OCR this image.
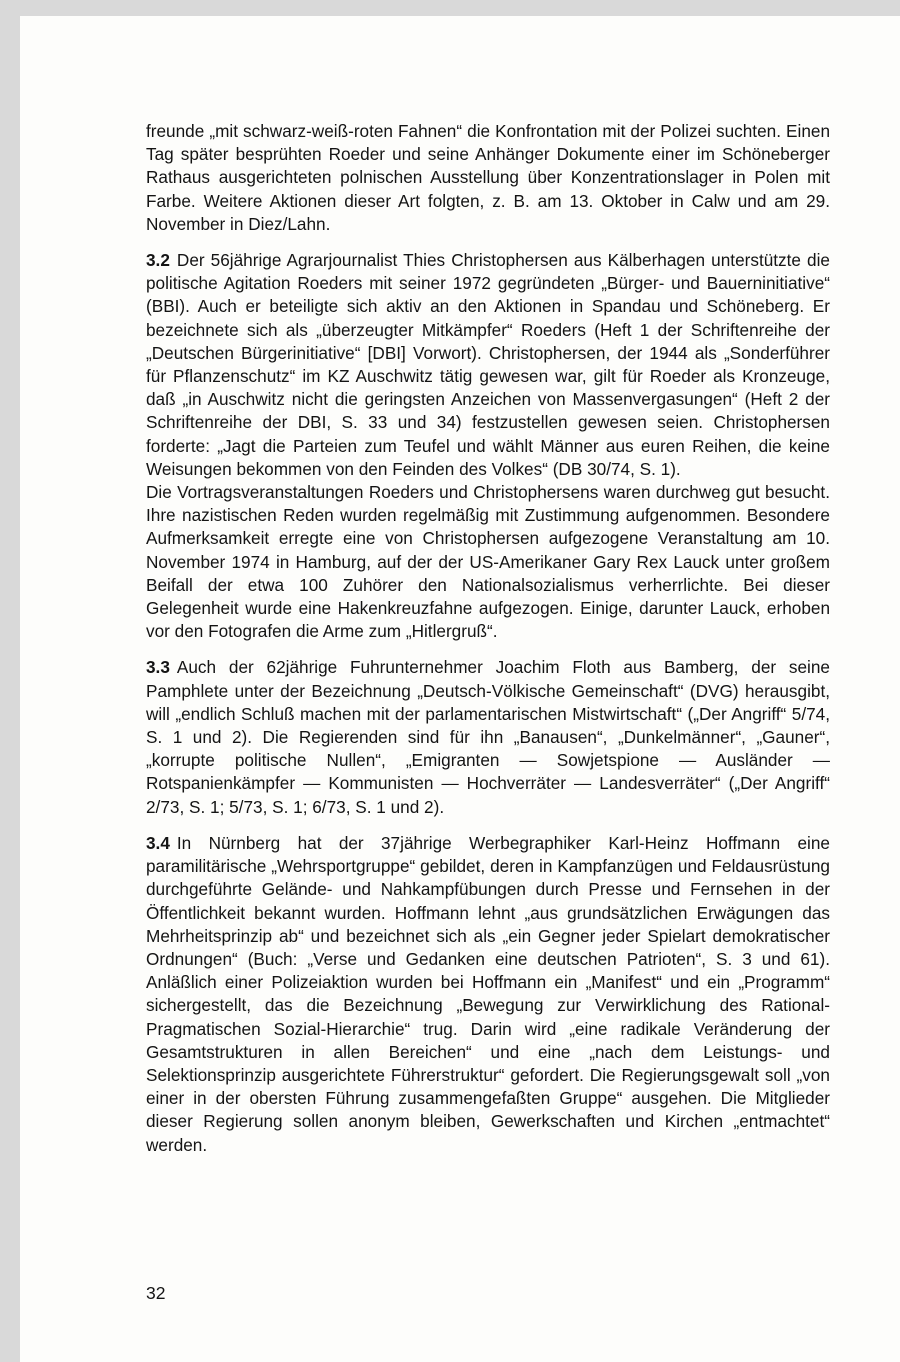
freunde „mit schwarz-weiß-roten Fahnen“ die Konfrontation mit der Polizei suchten. Einen Tag später besprühten Roeder und seine Anhänger Dokumente einer im Schöneberger Rathaus ausgerichteten polnischen Ausstellung über Konzentrationslager in Polen mit Farbe. Weitere Aktionen dieser Art folgten, z. B. am 13. Oktober in Calw und am 29. November in Diez/Lahn.

3.2 Der 56jährige Agrarjournalist Thies Christophersen aus Kälberhagen unterstützte die politische Agitation Roeders mit seiner 1972 gegründeten „Bürger- und Bauerninitiative“ (BBI). Auch er beteiligte sich aktiv an den Aktionen in Spandau und Schöneberg. Er bezeichnete sich als „überzeugter Mitkämpfer“ Roeders (Heft 1 der Schriftenreihe der „Deutschen Bürgerinitiative“ [DBI] Vorwort). Christophersen, der 1944 als „Sonderführer für Pflanzenschutz“ im KZ Auschwitz tätig gewesen war, gilt für Roeder als Kronzeuge, daß „in Auschwitz nicht die geringsten Anzeichen von Massenvergasungen“ (Heft 2 der Schriftenreihe der DBI, S. 33 und 34) festzustellen gewesen seien. Christophersen forderte: „Jagt die Parteien zum Teufel und wählt Männer aus euren Reihen, die keine Weisungen bekommen von den Feinden des Volkes“ (DB 30/74, S. 1).

Die Vortragsveranstaltungen Roeders und Christophersens waren durchweg gut besucht. Ihre nazistischen Reden wurden regelmäßig mit Zustimmung aufgenommen. Besondere Aufmerksamkeit erregte eine von Christophersen aufgezogene Veranstaltung am 10. November 1974 in Hamburg, auf der der US-Amerikaner Gary Rex Lauck unter großem Beifall der etwa 100 Zuhörer den Nationalsozialismus verherrlichte. Bei dieser Gelegenheit wurde eine Hakenkreuzfahne aufgezogen. Einige, darunter Lauck, erhoben vor den Fotografen die Arme zum „Hitlergruß“.

3.3 Auch der 62jährige Fuhrunternehmer Joachim Floth aus Bamberg, der seine Pamphlete unter der Bezeichnung „Deutsch-Völkische Gemeinschaft“ (DVG) herausgibt, will „endlich Schluß machen mit der parlamentarischen Mistwirtschaft“ („Der Angriff“ 5/74, S. 1 und 2). Die Regierenden sind für ihn „Banausen“, „Dunkelmänner“, „Gauner“, „korrupte politische Nullen“, „Emigranten — Sowjetspione — Ausländer — Rotspanienkämpfer — Kommunisten — Hochverräter — Landesverräter“ („Der Angriff“ 2/73, S. 1; 5/73, S. 1; 6/73, S. 1 und 2).

3.4 In Nürnberg hat der 37jährige Werbegraphiker Karl-Heinz Hoffmann eine paramilitärische „Wehrsportgruppe“ gebildet, deren in Kampfanzügen und Feldausrüstung durchgeführte Gelände- und Nahkampfübungen durch Presse und Fernsehen in der Öffentlichkeit bekannt wurden. Hoffmann lehnt „aus grundsätzlichen Erwägungen das Mehrheitsprinzip ab“ und bezeichnet sich als „ein Gegner jeder Spielart demokratischer Ordnungen“ (Buch: „Verse und Gedanken eine deutschen Patrioten“, S. 3 und 61). Anläßlich einer Polizeiaktion wurden bei Hoffmann ein „Manifest“ und ein „Programm“ sichergestellt, das die Bezeichnung „Bewegung zur Verwirklichung des Rational-Pragmatischen Sozial-Hierarchie“ trug. Darin wird „eine radikale Veränderung der Gesamtstrukturen in allen Bereichen“ und eine „nach dem Leistungs- und Selektionsprinzip ausgerichtete Führerstruktur“ gefordert. Die Regierungsgewalt soll „von einer in der obersten Führung zusammengefaßten Gruppe“ ausgehen. Die Mitglieder dieser Regierung sollen anonym bleiben, Gewerkschaften und Kirchen „entmachtet“ werden.

32
